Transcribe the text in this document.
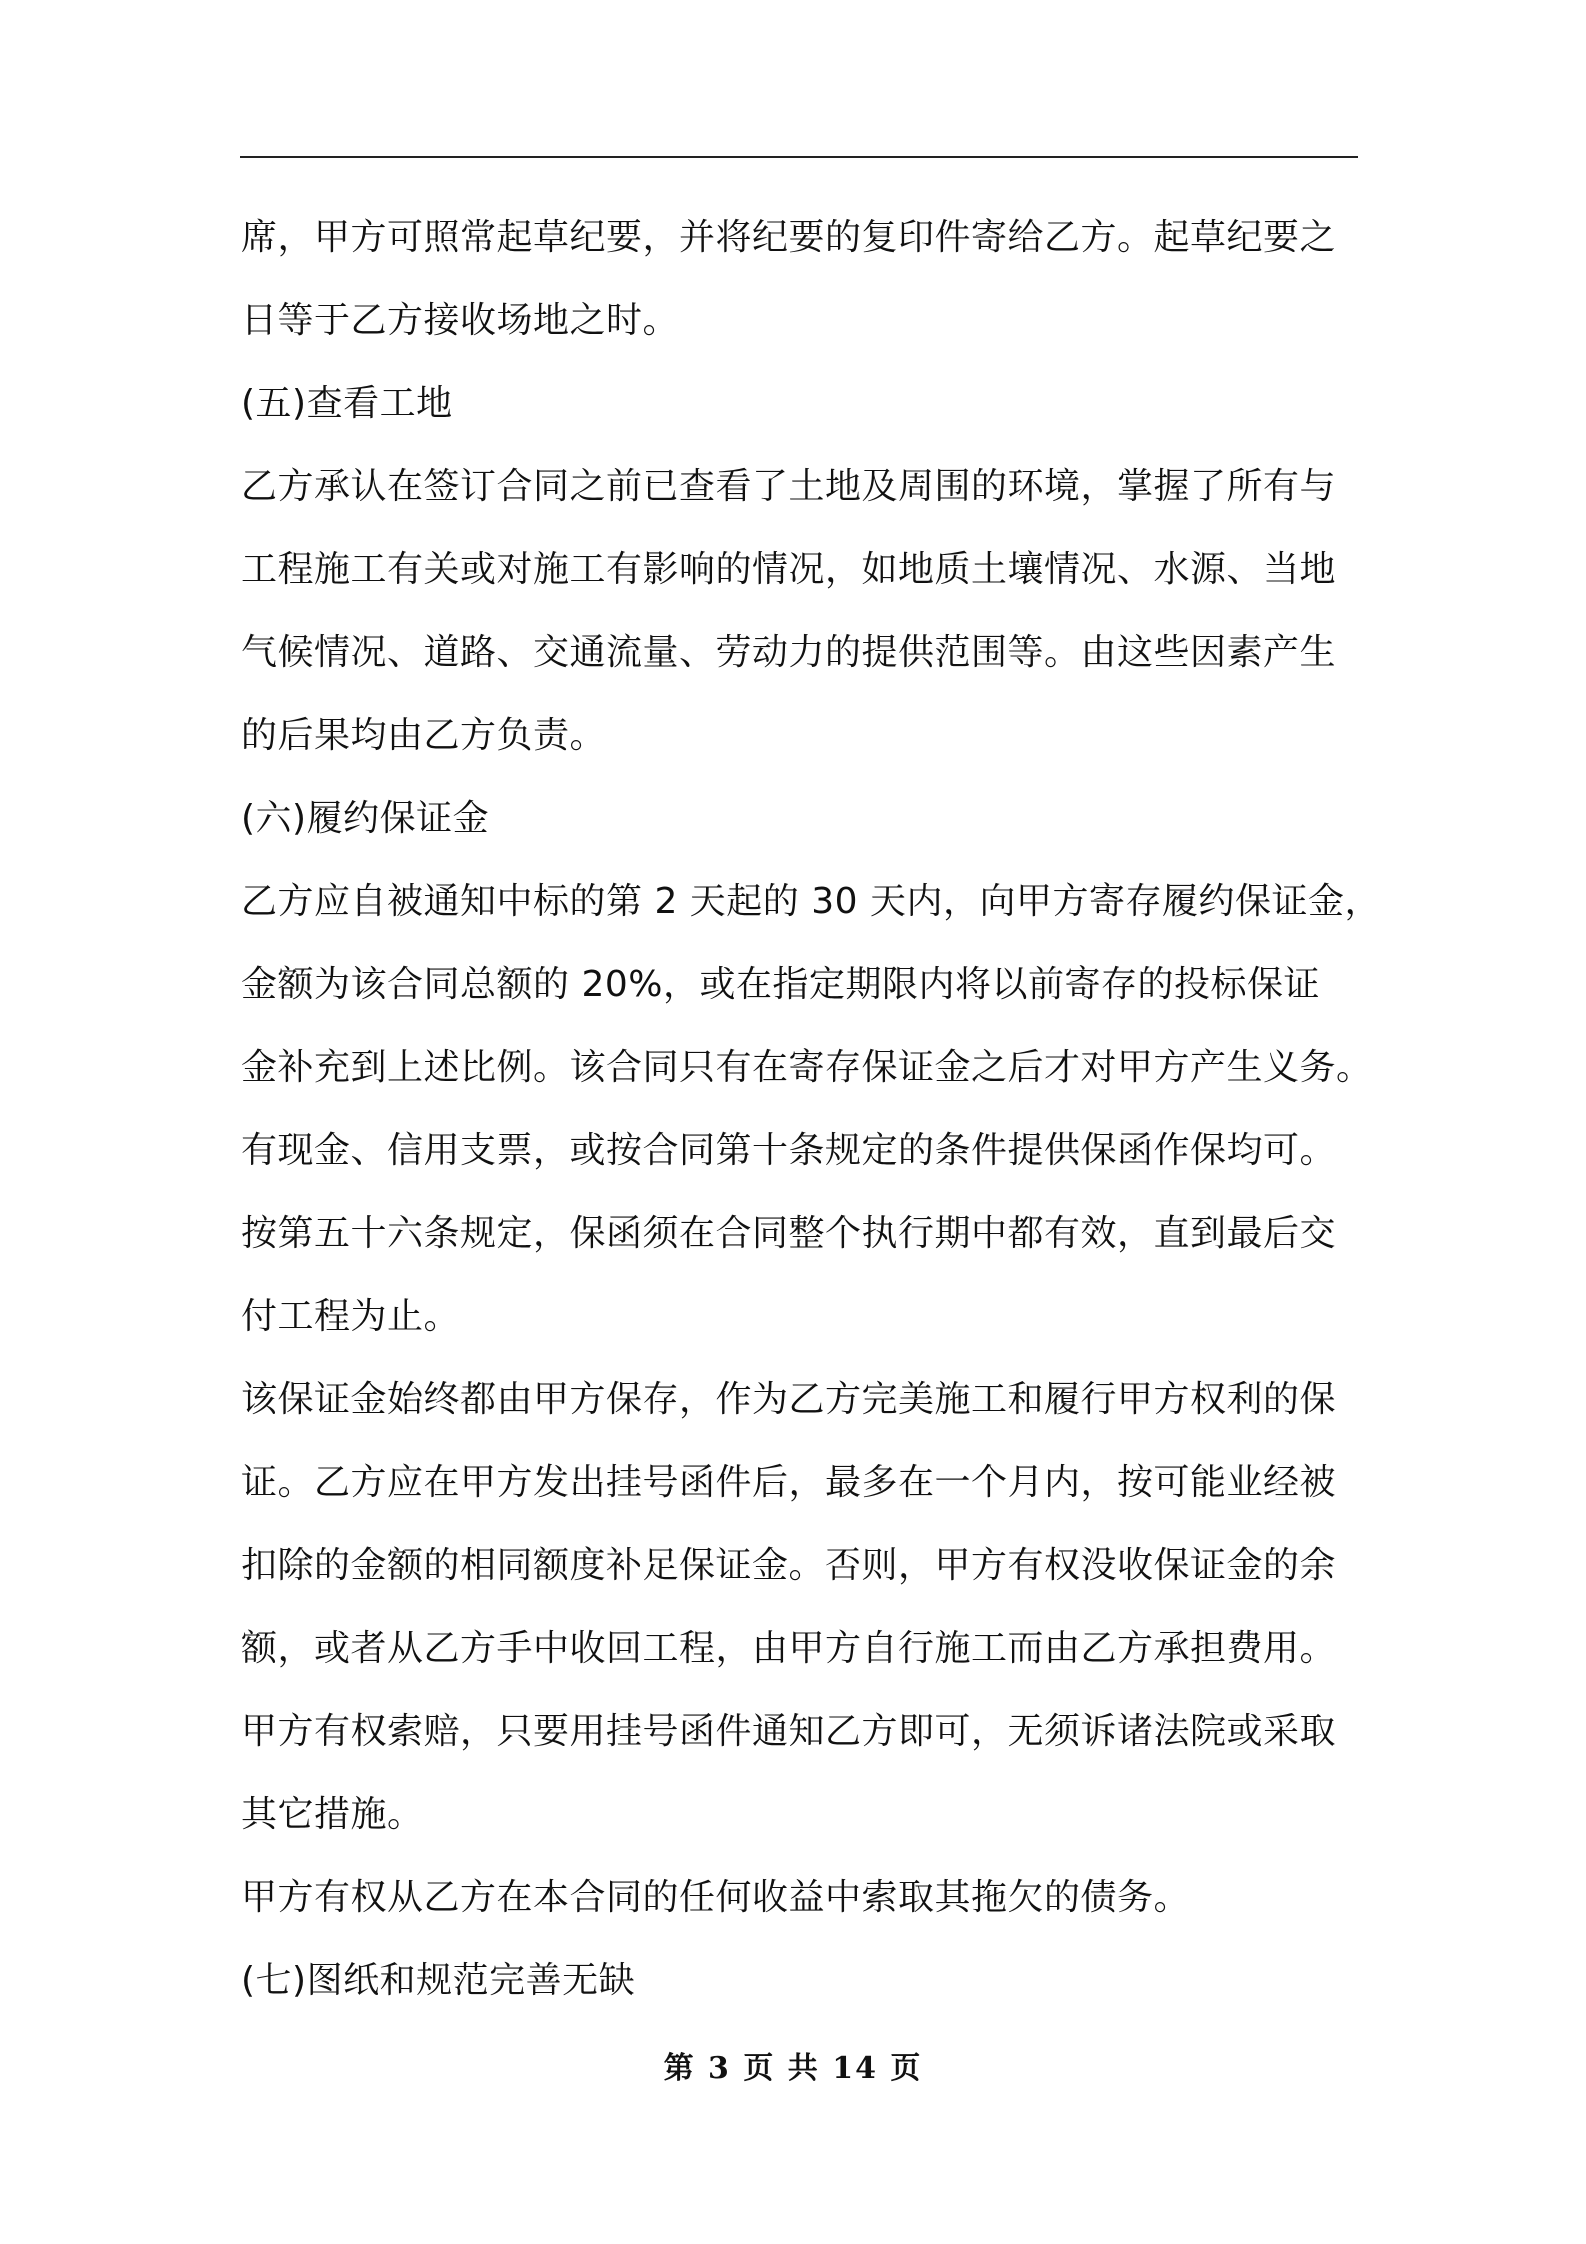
席，甲方可照常起草纪要，并将纪要的复印件寄给乙方。起草纪要之
日等于乙方接收场地之时。
(五)查看工地
乙方承认在签订合同之前已查看了土地及周围的环境，掌握了所有与
工程施工有关或对施工有影响的情况，如地质土壤情况、水源、当地
气候情况、道路、交通流量、劳动力的提供范围等。由这些因素产生
的后果均由乙方负责。
(六)履约保证金
乙方应自被通知中标的第 2 天起的 30 天内，向甲方寄存履约保证金，
金额为该合同总额的 20%，或在指定期限内将以前寄存的投标保证
金补充到上述比例。该合同只有在寄存保证金之后才对甲方产生义务。
有现金、信用支票，或按合同第十条规定的条件提供保函作保均可。
按第五十六条规定，保函须在合同整个执行期中都有效，直到最后交
付工程为止。
该保证金始终都由甲方保存，作为乙方完美施工和履行甲方权利的保
证。乙方应在甲方发出挂号函件后，最多在一个月内，按可能业经被
扣除的金额的相同额度补足保证金。否则，甲方有权没收保证金的余
额，或者从乙方手中收回工程，由甲方自行施工而由乙方承担费用。
甲方有权索赔，只要用挂号函件通知乙方即可，无须诉诸法院或采取
其它措施。
甲方有权从乙方在本合同的任何收益中索取其拖欠的债务。
(七)图纸和规范完善无缺
第 3 页 共 14 页
